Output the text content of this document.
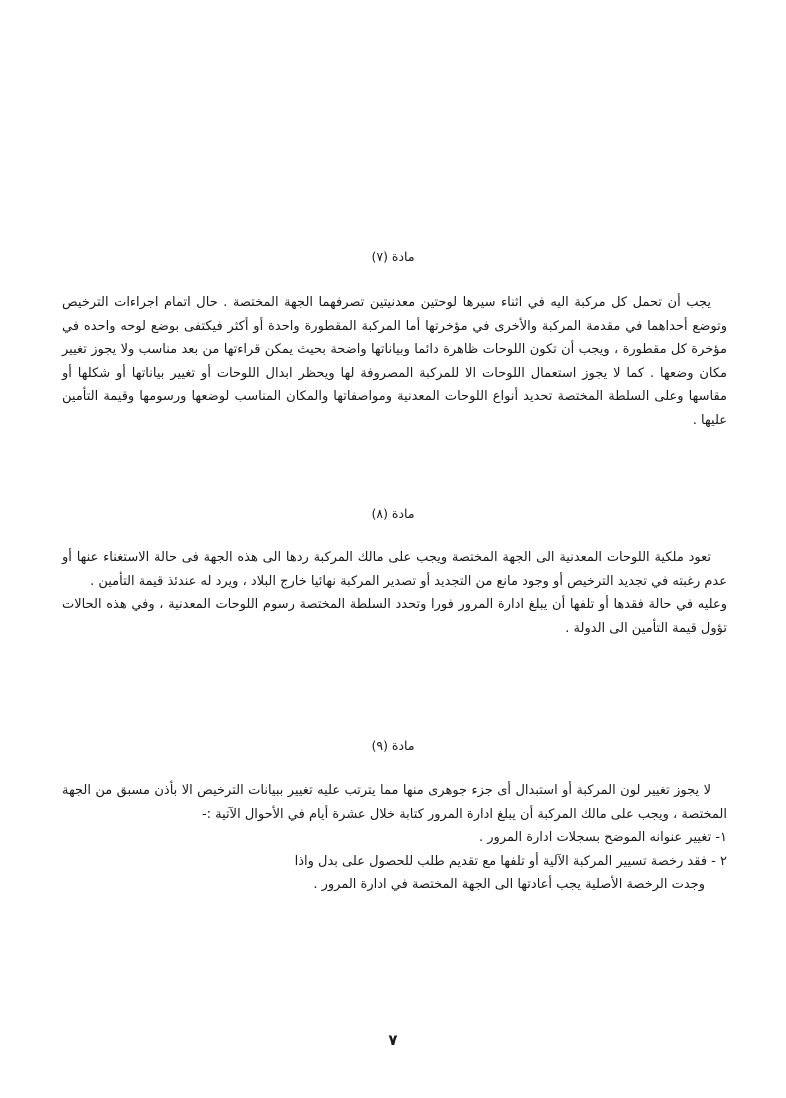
مادة (٧)

يجب أن تحمل كل مركبة اليه في اثناء سيرها لوحتين معدنيتين تصرفهما الجهة المختصة . حال اتمام اجراءات الترخيص وتوضع أحداهما في مقدمة المركبة والأخرى في مؤخرتها أما المركبة المقطورة واحدة أو أكثر فيكتفى بوضع لوحه واحده في مؤخرة كل مقطورة ، ويجب أن تكون اللوحات ظاهرة دائما وبياناتها واضحة بحيث يمكن قراءتها من بعد مناسب ولا يجوز تغيير مكان وضعها . كما لا يجوز استعمال اللوحات الا للمركبة المصروفة لها ويحظر ابدال اللوحات أو تغيير بياناتها أو شكلها أو مقاسها وعلى السلطة المختصة تحديد أنواع اللوحات المعدنية ومواصفاتها والمكان المناسب لوضعها ورسومها وقيمة التأمين عليها .

مادة (٨)

تعود ملكية اللوحات المعدنية الى الجهة المختصة ويجب على مالك المركبة ردها الى هذه الجهة فى حالة الاستغناء عنها أو عدم رغبته في تجديد الترخيص أو وجود مانع من التجديد أو تصدير المركبة نهائيا خارج البلاد ، ويرد له عندئذ قيمة التأمين .

وعليه في حالة فقدها أو تلفها أن يبلغ ادارة المرور فورا وتحدد السلطة المختصة رسوم اللوحات المعدنية ، وفي هذه الحالات تؤول قيمة التأمين الى الدولة .

مادة (٩)

لا يجوز تغيير لون المركبة أو استبدال أى جزء جوهرى منها مما يترتب عليه تغيير ببيانات الترخيص الا بأذن مسبق من الجهة المختصة ، ويجب على مالك المركبة أن يبلغ ادارة المرور كتابة خلال عشرة أيام في الأحوال الآتية :-

١- تغيير عنوانه الموضح بسجلات ادارة المرور .

٢ - فقد رخصة تسيير المركبة الآلية أو تلفها مع تقديم طلب للحصول على بدل واذا

وجدت الرخصة الأصلية يجب أعادتها الى الجهة المختصة في ادارة المرور .

٧
